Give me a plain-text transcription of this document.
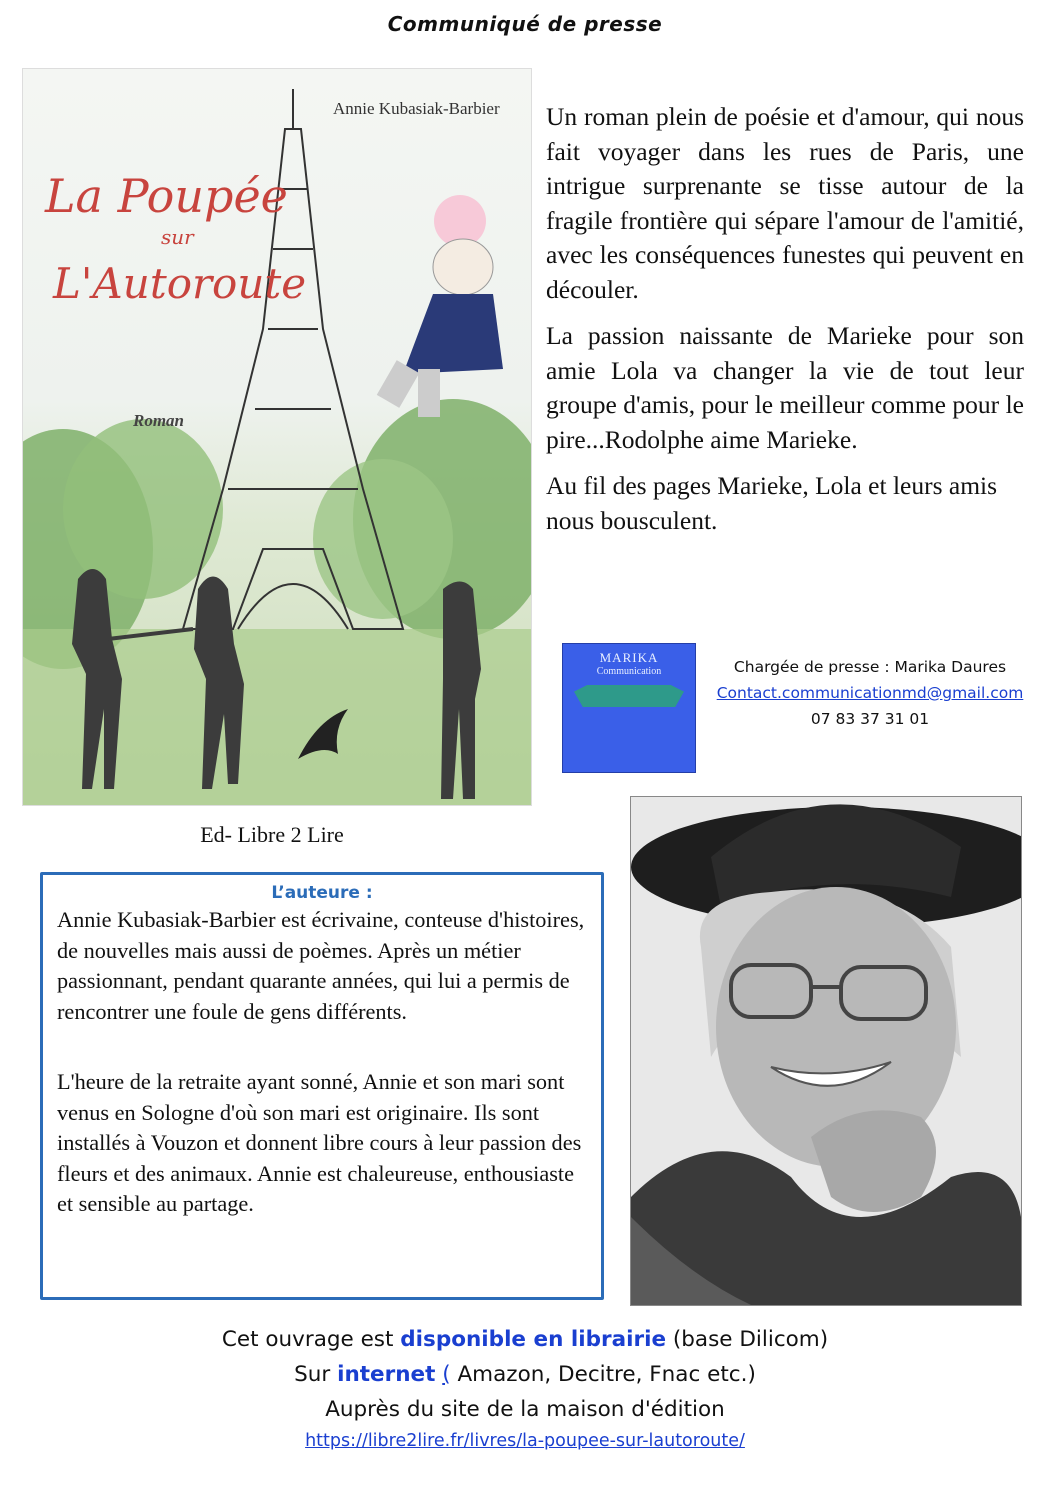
Communiqué de presse
Annie Kubasiak-Barbier
La Poupée
sur
L'Autoroute
Roman

Un roman plein de poésie et d'amour, qui nous fait voyager dans les rues de Paris, une intrigue surprenante se tisse autour de la fragile frontière qui sépare l'amour de l'amitié, avec les conséquences funestes qui peuvent en découler.

La passion naissante de Marieke pour son amie Lola va changer la vie de tout leur groupe d'amis, pour le meilleur comme pour le pire...Rodolphe aime Marieke.

Au fil des pages Marieke, Lola et leurs amis nous bousculent.

MARIKA
Communication	Chargée de presse : Marika Daures
Contact.communicationmd@gmail.com
07 83 37 31 01
Ed- Libre 2 Lire
L’auteure :

Annie Kubasiak-Barbier est écrivaine, conteuse d'histoires, de nouvelles mais aussi de poèmes. Après un métier passionnant, pendant quarante années, qui lui a permis de rencontrer une foule de gens différents.

L'heure de la retraite ayant sonné, Annie et son mari sont venus en Sologne d'où son mari est originaire. Ils sont installés à Vouzon et donnent libre cours à leur passion des fleurs et des animaux. Annie est chaleureuse, enthousiaste et sensible au partage.

Cet ouvrage est disponible en librairie (base Dilicom)
Sur internet ( Amazon, Decitre, Fnac etc.)
Auprès du site de la maison d'édition
https://libre2lire.fr/livres/la-poupee-sur-lautoroute/
